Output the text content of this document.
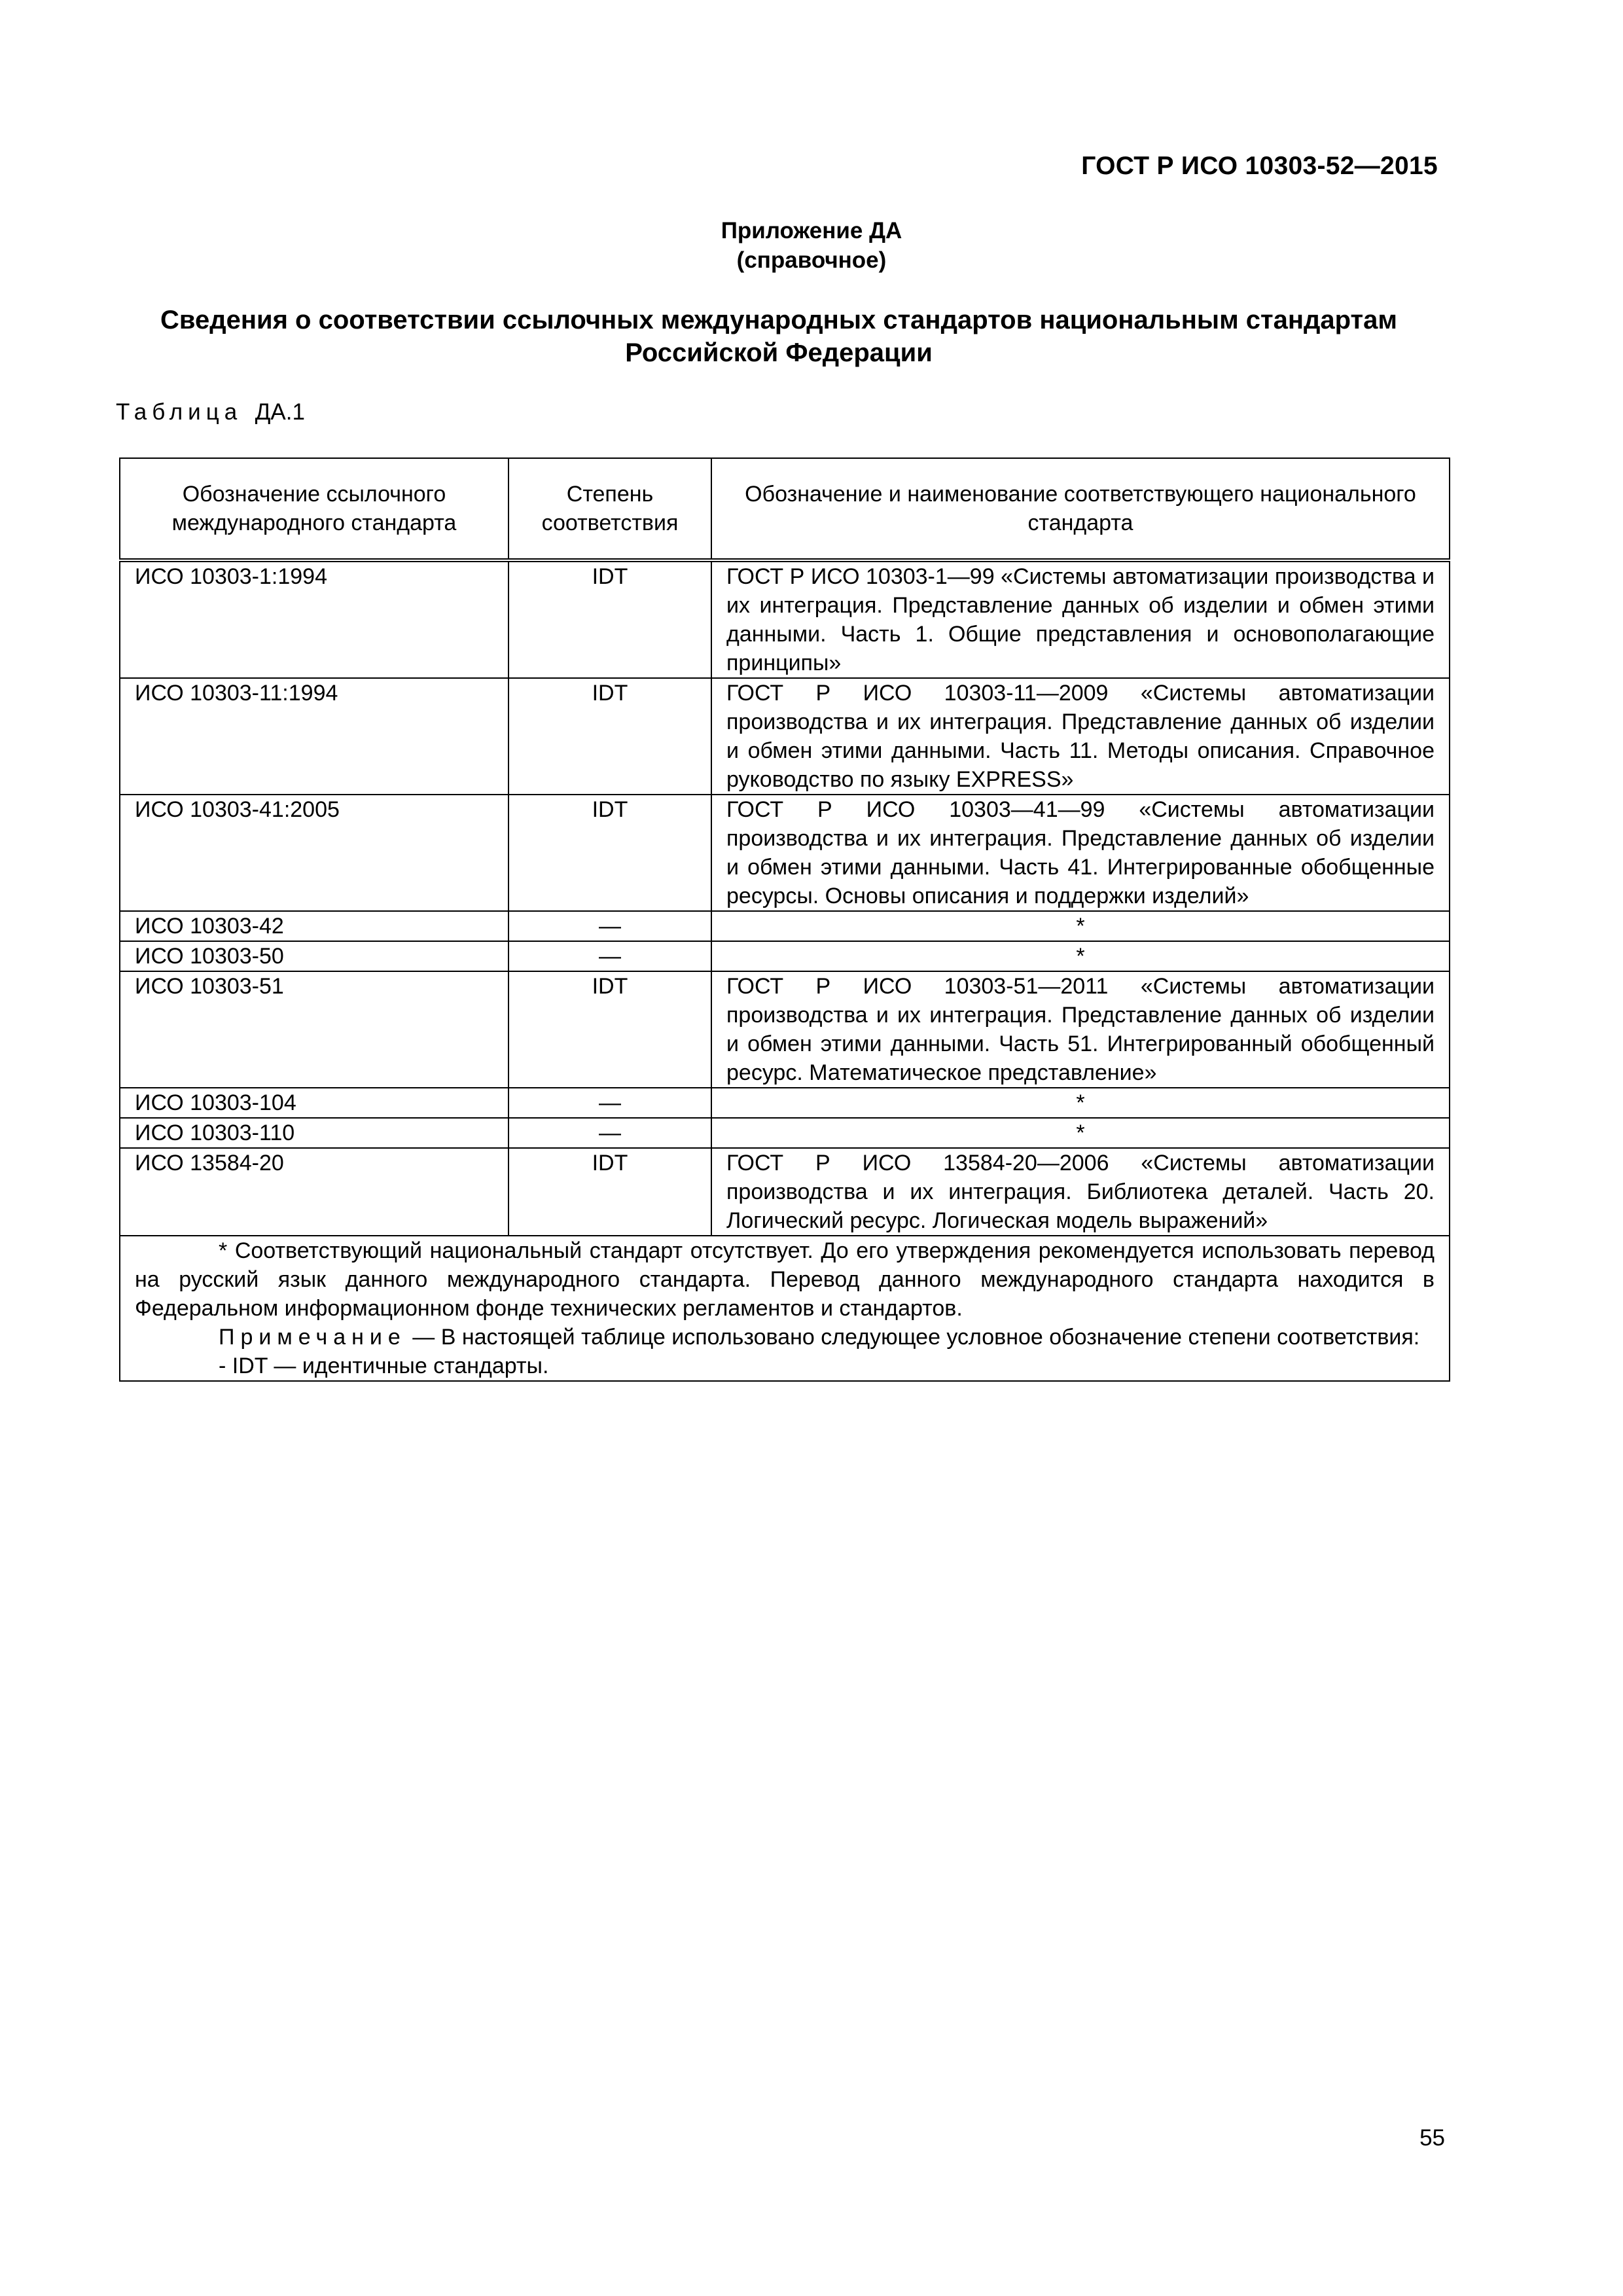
ГОСТ Р ИСО 10303-52—2015
Приложение ДА
(справочное)
Сведения о соответствии ссылочных международных стандартов национальным стандартам Российской Федерации
Таблица ДА.1
Обозначение ссылочного международного стандарта	Степень соответствия	Обозначение и наименование соответствующего национального стандарта
ИСО 10303-1:1994	IDT	ГОСТ Р ИСО 10303-1—99 «Системы автоматизации производства и их интеграция. Представление данных об изделии и обмен этими данными. Часть 1. Общие представления и основополагающие принципы»
ИСО 10303-11:1994	IDT	ГОСТ Р ИСО 10303-11—2009 «Системы автоматизации производства и их интеграция. Представление данных об изделии и обмен этими данными. Часть 11. Методы описания. Справочное руководство по языку EXPRESS»
ИСО 10303-41:2005	IDT	ГОСТ Р ИСО 10303—41—99 «Системы автоматизации производства и их интеграция. Представление данных об изделии и обмен этими данными. Часть 41. Интегрированные обобщенные ресурсы. Основы описания и поддержки изделий»
ИСО 10303-42	—	*
ИСО 10303-50	—	*
ИСО 10303-51	IDT	ГОСТ Р ИСО 10303-51—2011 «Системы автоматизации производства и их интеграция. Представление данных об изделии и обмен этими данными. Часть 51. Интегрированный обобщенный ресурс. Математическое представление»
ИСО 10303-104	—	*
ИСО 10303-110	—	*
ИСО 13584-20	IDT	ГОСТ Р ИСО 13584-20—2006 «Системы автоматизации производства и их интеграция. Библиотека деталей. Часть 20. Логический ресурс. Логическая модель выражений»

* Соответствующий национальный стандарт отсутствует. До его утверждения рекомендуется использовать перевод на русский язык данного международного стандарта. Перевод данного международного стандарта находится в Федеральном информационном фонде технических регламентов и стандартов.
Примечание — В настоящей таблице использовано следующее условное обозначение степени соответствия:
- IDT — идентичные стандарты.		
55
